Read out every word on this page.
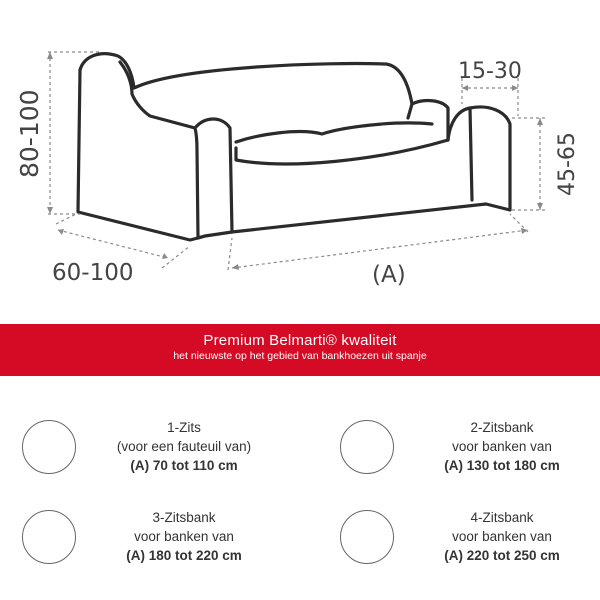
80-100
15-30
45-65
60-100	(A)
Premium Belmarti® kwaliteit
het nieuwste op het gebied van bankhoezen uit spanje
1-Zits
(voor een fauteuil van)
(A) 70 tot 110 cm
2-Zitsbank
voor banken van
(A) 130 tot 180 cm
3-Zitsbank
voor banken van
(A) 180 tot 220 cm
4-Zitsbank
voor banken van
(A) 220 tot 250 cm
